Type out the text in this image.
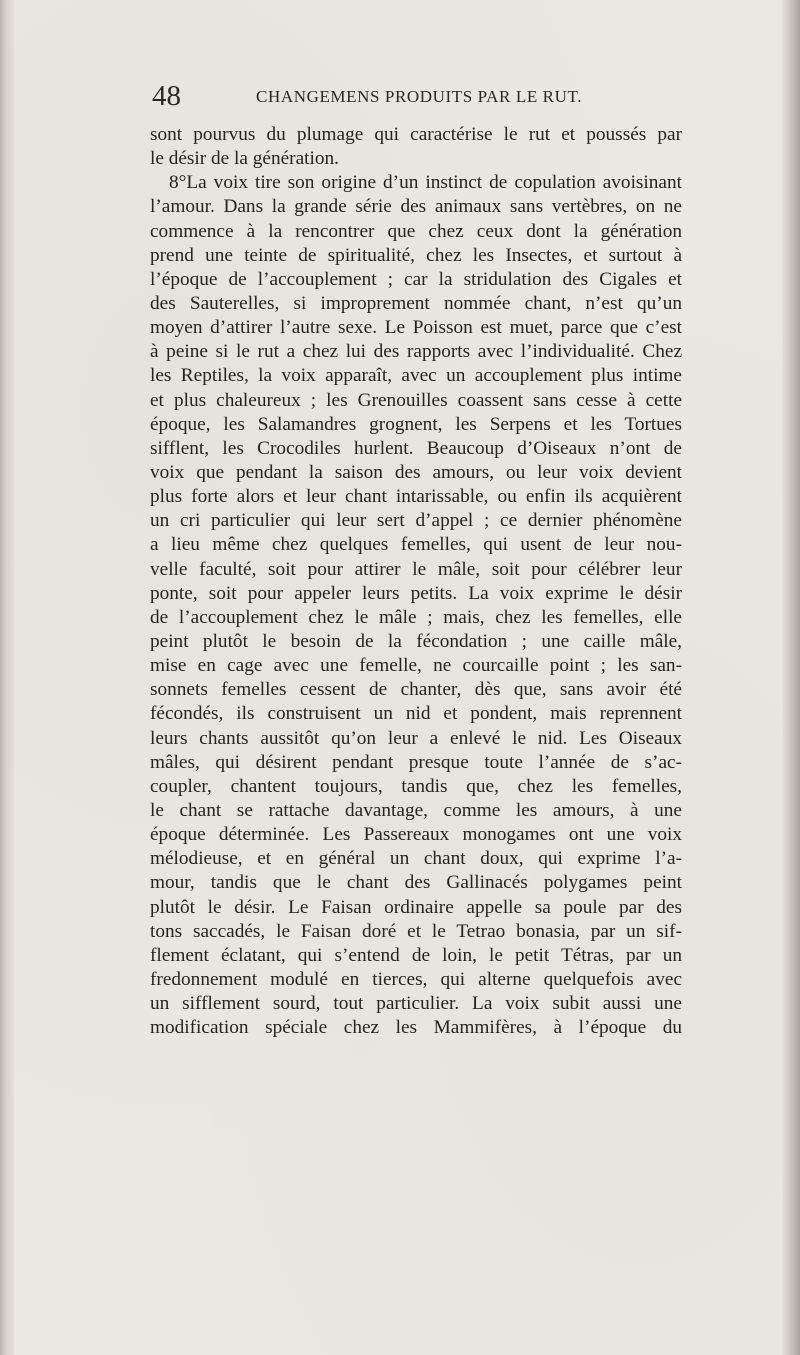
48	CHANGEMENS PRODUITS PAR LE RUT.
sont pourvus du plumage qui caractérise le rut et poussés par
le désir de la génération.
8°La voix tire son origine d’un instinct de copulation avoisinant
l’amour. Dans la grande série des animaux sans vertèbres, on ne
commence à la rencontrer que chez ceux dont la génération
prend une teinte de spiritualité, chez les Insectes, et surtout à
l’époque de l’accouplement ; car la stridulation des Cigales et
des Sauterelles, si improprement nommée chant, n’est qu’un
moyen d’attirer l’autre sexe. Le Poisson est muet, parce que c’est
à peine si le rut a chez lui des rapports avec l’individualité. Chez
les Reptiles, la voix apparaît, avec un accouplement plus intime
et plus chaleureux ; les Grenouilles coassent sans cesse à cette
époque, les Salamandres grognent, les Serpens et les Tortues
sifflent, les Crocodiles hurlent. Beaucoup d’Oiseaux n’ont de
voix que pendant la saison des amours, ou leur voix devient
plus forte alors et leur chant intarissable, ou enfin ils acquièrent
un cri particulier qui leur sert d’appel ; ce dernier phénomène
a lieu même chez quelques femelles, qui usent de leur nou-
velle faculté, soit pour attirer le mâle, soit pour célébrer leur
ponte, soit pour appeler leurs petits. La voix exprime le désir
de l’accouplement chez le mâle ; mais, chez les femelles, elle
peint plutôt le besoin de la fécondation ; une caille mâle,
mise en cage avec une femelle, ne courcaille point ; les san-
sonnets femelles cessent de chanter, dès que, sans avoir été
fécondés, ils construisent un nid et pondent, mais reprennent
leurs chants aussitôt qu’on leur a enlevé le nid. Les Oiseaux
mâles, qui désirent pendant presque toute l’année de s’ac-
coupler, chantent toujours, tandis que, chez les femelles,
le chant se rattache davantage, comme les amours, à une
époque déterminée. Les Passereaux monogames ont une voix
mélodieuse, et en général un chant doux, qui exprime l’a-
mour, tandis que le chant des Gallinacés polygames peint
plutôt le désir. Le Faisan ordinaire appelle sa poule par des
tons saccadés, le Faisan doré et le Tetrao bonasia, par un sif-
flement éclatant, qui s’entend de loin, le petit Tétras, par un
fredonnement modulé en tierces, qui alterne quelquefois avec
un sifflement sourd, tout particulier. La voix subit aussi une
modification spéciale chez les Mammifères, à l’époque du
